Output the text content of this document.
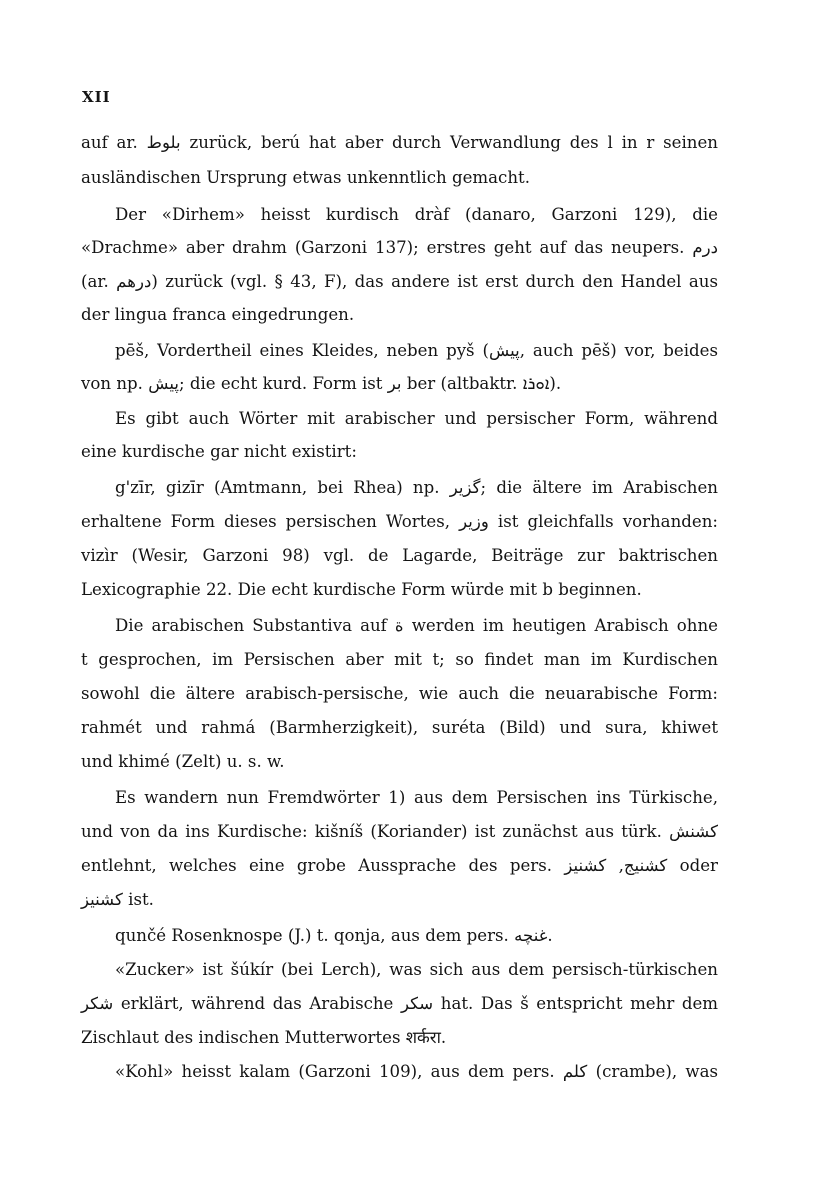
XII
auf ar. ﺑﻠﻮﻁ zurück, berú hat aber durch Verwandlung des l in r seinen
ausländischen Ursprung etwas unkenntlich gemacht.
Der «Dirhem» heisst kurdisch dràf (danaro, Garzoni 129), die
«Drachme» aber drahm (Garzoni 137); erstres geht auf das neupers. درم
(ar. درهم) zurück (vgl. § 43, F), das andere ist erst durch den Handel aus
der lingua franca eingedrungen.
pēš, Vordertheil eines Kleides, neben pyš (پيش, auch pēš) vor, beides
von np. پيش; die echt kurd. Form ist بر ber (altbaktr. ܐܘܪܐ).
Es gibt auch Wörter mit arabischer und persischer Form, während
eine kurdische gar nicht existirt:
g'zīr, gizīr (Amtmann, bei Rhea) np. گزير; die ältere im Arabischen
erhaltene Form dieses persischen Wortes, وزير ist gleichfalls vorhanden:
vizìr (Wesir, Garzoni 98) vgl. de Lagarde, Beiträge zur baktrischen
Lexicographie 22. Die echt kurdische Form würde mit b beginnen.
Die arabischen Substantiva auf ة werden im heutigen Arabisch ohne
t gesprochen, im Persischen aber mit t; so findet man im Kurdischen
sowohl die ältere arabisch-persische, wie auch die neuarabische Form:
rahmét und rahmá (Barmherzigkeit), suréta (Bild) und sura, khiwet
und khimé (Zelt) u. s. w.
Es wandern nun Fremdwörter 1) aus dem Persischen ins Türkische,
und von da ins Kurdische: kišníš (Koriander) ist zunächst aus türk. كشنش
entlehnt, welches eine grobe Aussprache des pers. كشنيج, كشنيز oder
كشنيز ist.
qunčé Rosenknospe (J.) t. qonja, aus dem pers. غنچه.
«Zucker» ist šúkír (bei Lerch), was sich aus dem persisch-türkischen
شكر erklärt, während das Arabische سكر hat. Das š entspricht mehr dem
Zischlaut des indischen Mutterwortes शर्करा.
«Kohl» heisst kalam (Garzoni 109), aus dem pers. كلم (crambe), was
